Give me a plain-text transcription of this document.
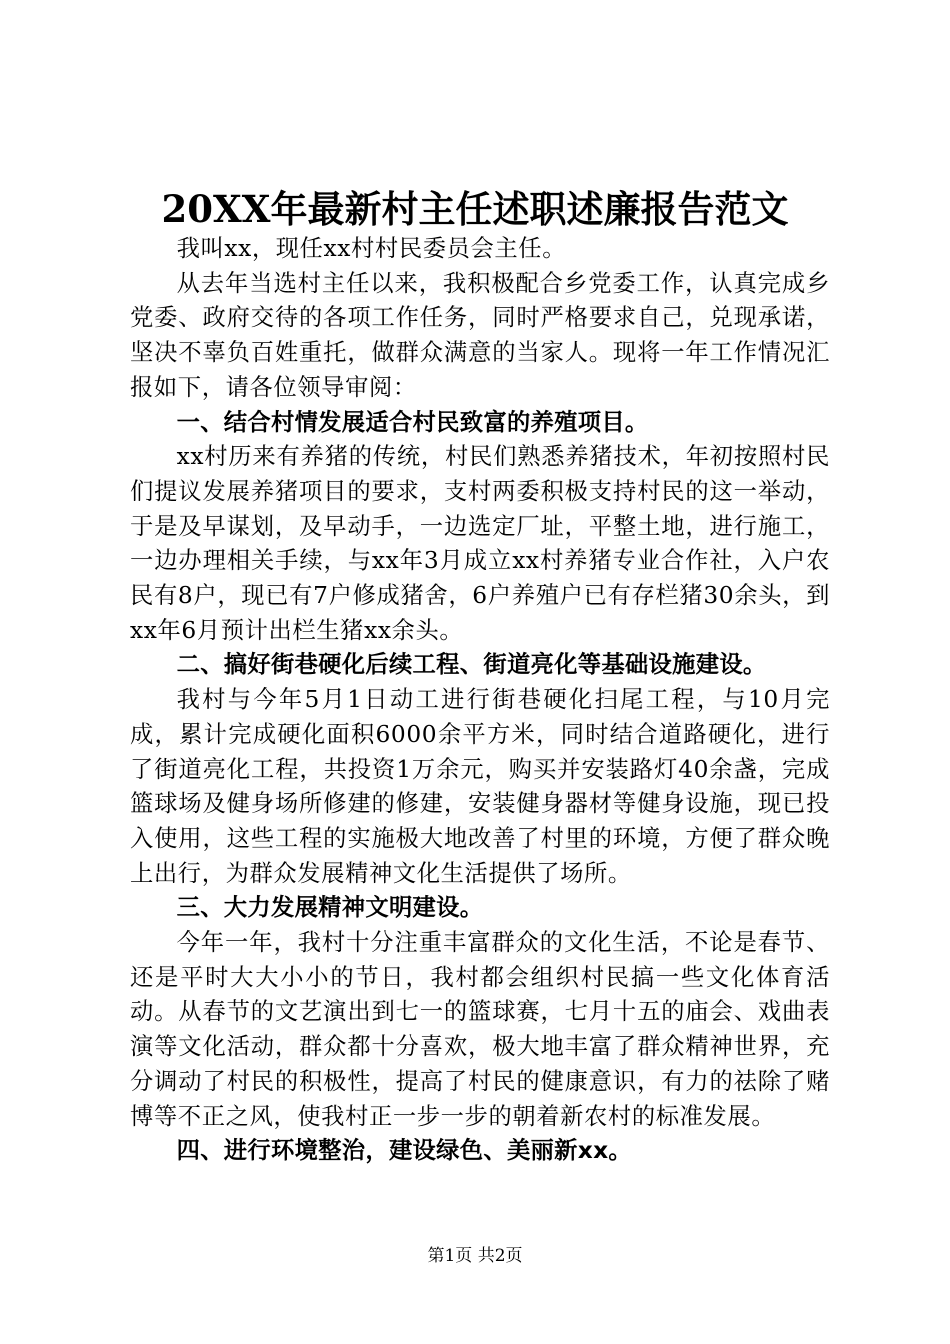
20XX年最新村主任述职述廉报告范文

我叫xx，现任xx村村民委员会主任。

从去年当选村主任以来，我积极配合乡党委工作，认真完成乡党委、政府交待的各项工作任务，同时严格要求自己，兑现承诺，坚决不辜负百姓重托，做群众满意的当家人。现将一年工作情况汇报如下，请各位领导审阅：

一、结合村情发展适合村民致富的养殖项目。

xx村历来有养猪的传统，村民们熟悉养猪技术，年初按照村民们提议发展养猪项目的要求，支村两委积极支持村民的这一举动，于是及早谋划，及早动手，一边选定厂址，平整土地，进行施工，一边办理相关手续，与xx年3月成立xx村养猪专业合作社，入户农民有8户，现已有7户修成猪舍，6户养殖户已有存栏猪30余头，到xx年6月预计出栏生猪xx余头。

二、搞好街巷硬化后续工程、街道亮化等基础设施建设。

我村与今年5月1日动工进行街巷硬化扫尾工程，与10月完成，累计完成硬化面积6000余平方米，同时结合道路硬化，进行了街道亮化工程，共投资1万余元，购买并安装路灯40余盏，完成篮球场及健身场所修建的修建，安装健身器材等健身设施，现已投入使用，这些工程的实施极大地改善了村里的环境，方便了群众晚上出行，为群众发展精神文化生活提供了场所。

三、大力发展精神文明建设。

今年一年，我村十分注重丰富群众的文化生活，不论是春节、还是平时大大小小的节日，我村都会组织村民搞一些文化体育活动。从春节的文艺演出到七一的篮球赛，七月十五的庙会、戏曲表演等文化活动，群众都十分喜欢，极大地丰富了群众精神世界，充分调动了村民的积极性，提高了村民的健康意识，有力的祛除了赌博等不正之风，使我村正一步一步的朝着新农村的标准发展。

四、进行环境整治，建设绿色、美丽新xx。

第1页 共2页
